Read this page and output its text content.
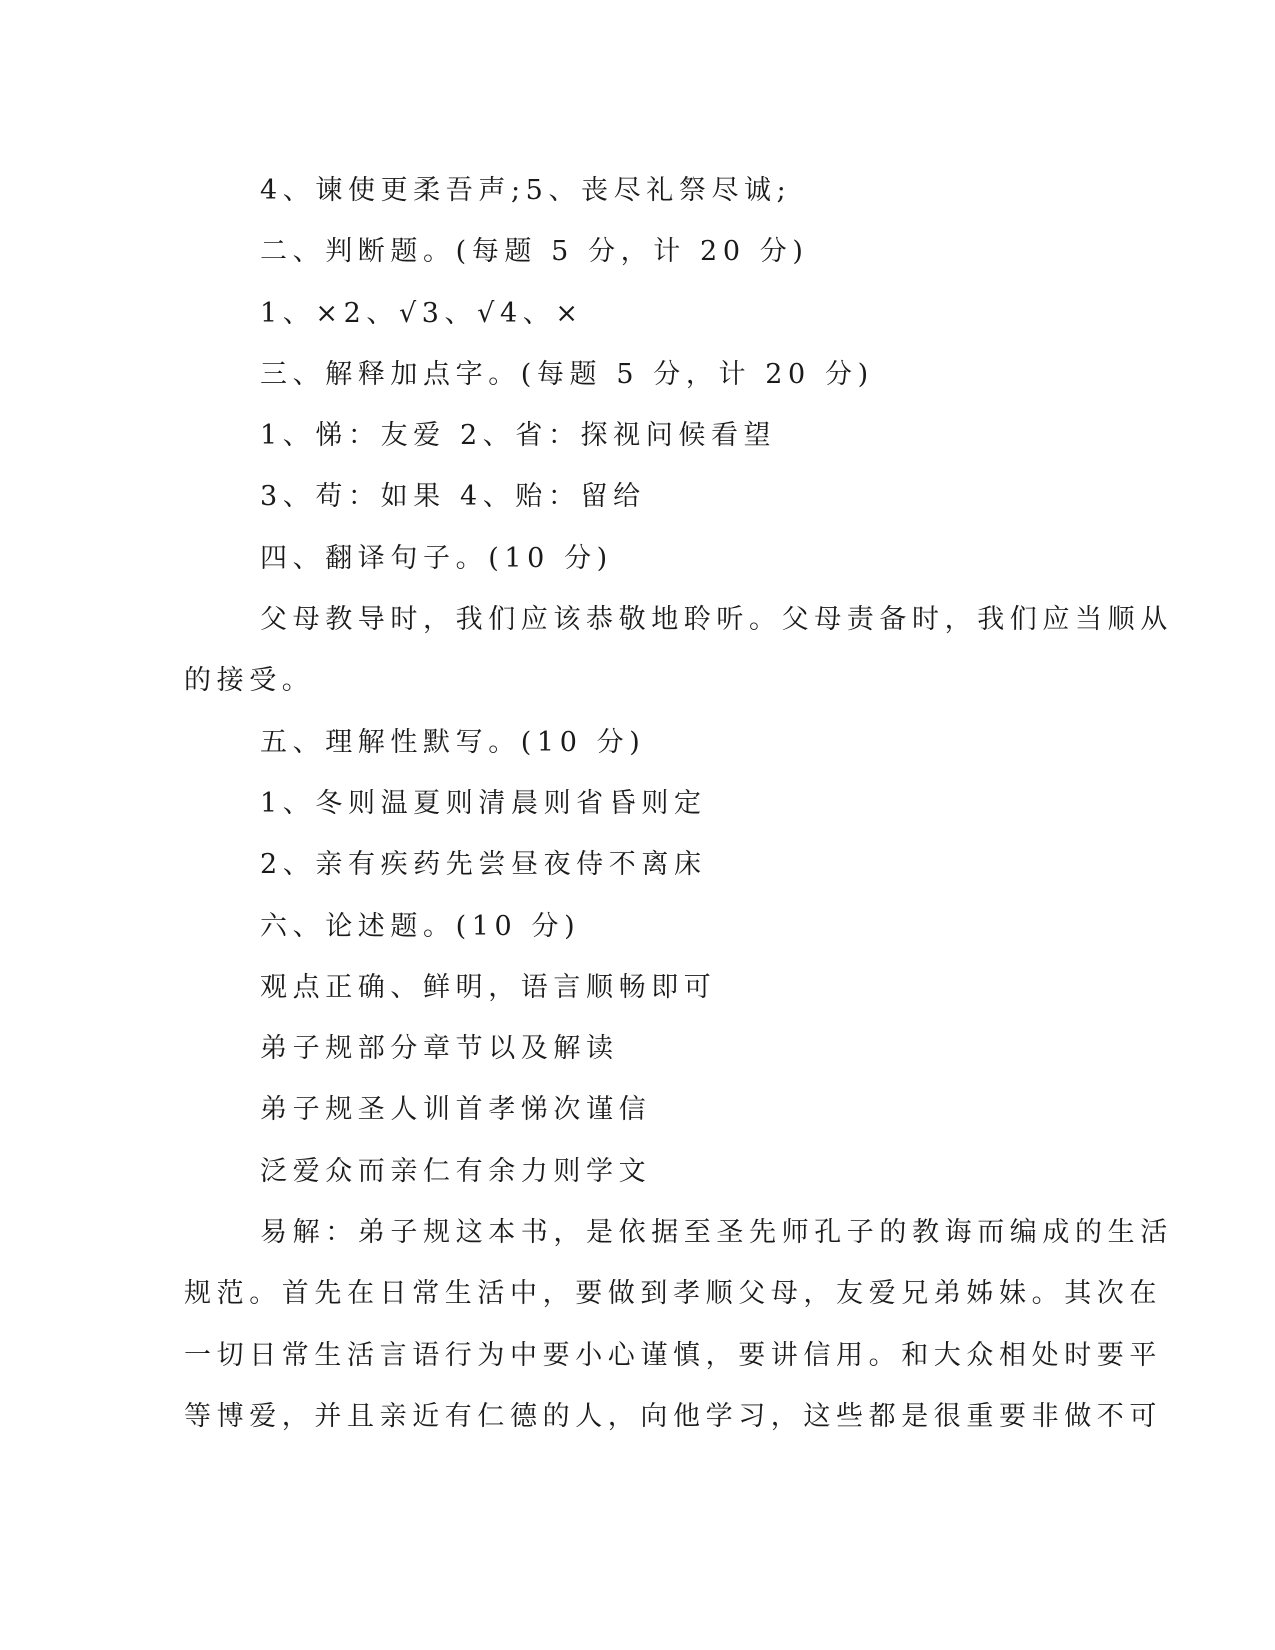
4、谏使更柔吾声;5、丧尽礼祭尽诚;
二、判断题。(每题 5 分，计 20 分)
1、×2、√3、√4、×
三、解释加点字。(每题 5 分，计 20 分)
1、悌：友爱 2、省：探视问候看望
3、苟：如果 4、贻：留给
四、翻译句子。(10 分)
父母教导时，我们应该恭敬地聆听。父母责备时，我们应当顺从
的接受。
五、理解性默写。(10 分)
1、冬则温夏则清晨则省昏则定
2、亲有疾药先尝昼夜侍不离床
六、论述题。(10 分)
观点正确、鲜明，语言顺畅即可
弟子规部分章节以及解读
弟子规圣人训首孝悌次谨信
泛爱众而亲仁有余力则学文
易解：弟子规这本书，是依据至圣先师孔子的教诲而编成的生活
规范。首先在日常生活中，要做到孝顺父母，友爱兄弟姊妹。其次在
一切日常生活言语行为中要小心谨慎，要讲信用。和大众相处时要平
等博爱，并且亲近有仁德的人，向他学习，这些都是很重要非做不可
